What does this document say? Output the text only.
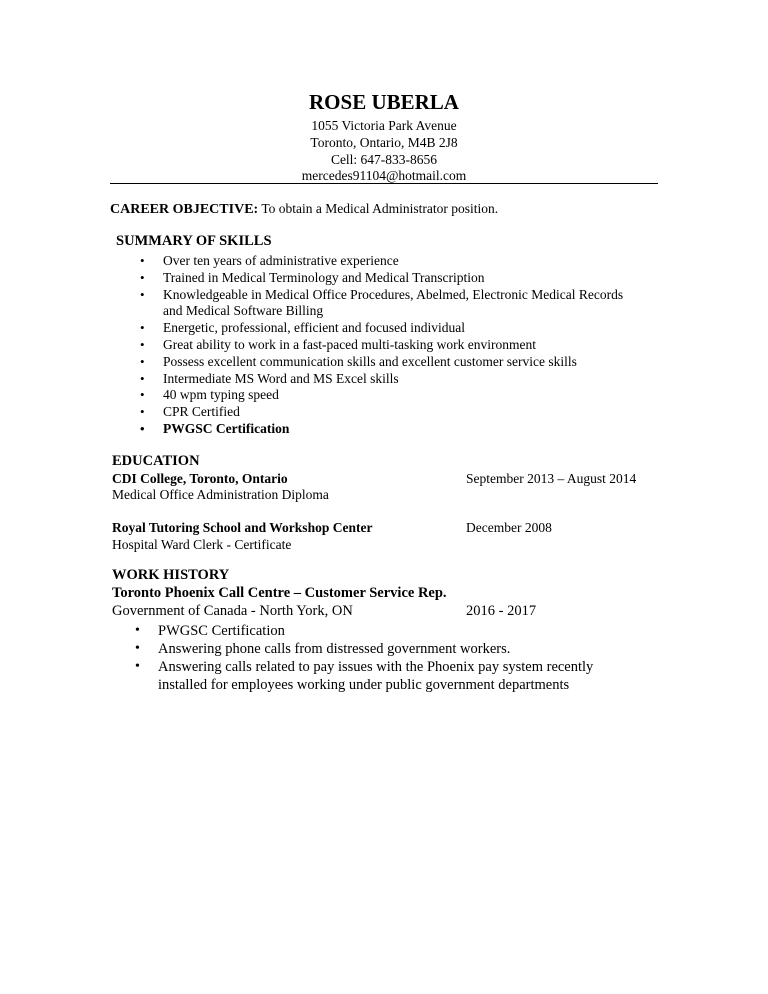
ROSE UBERLA
1055 Victoria Park Avenue
Toronto, Ontario, M4B 2J8
Cell: 647-833-8656
mercedes91104@hotmail.com
CAREER OBJECTIVE: To obtain a Medical Administrator position.
SUMMARY OF SKILLS
• Over ten years of administrative experience
• Trained in Medical Terminology and Medical Transcription
• Knowledgeable in Medical Office Procedures, Abelmed, Electronic Medical Records
and Medical Software Billing
• Energetic, professional, efficient and focused individual
• Great ability to work in a fast-paced multi-tasking work environment
• Possess excellent communication skills and excellent customer service skills
• Intermediate MS Word and MS Excel skills
• 40 wpm typing speed
• CPR Certified
• PWGSC Certification
EDUCATION
CDI College, Toronto, Ontario	September 2013 – August 2014
Medical Office Administration Diploma
Royal Tutoring School and Workshop Center	December 2008
Hospital Ward Clerk - Certificate
WORK HISTORY
Toronto Phoenix Call Centre – Customer Service Rep.
Government of Canada - North York, ON	2016 - 2017
• PWGSC Certification
• Answering phone calls from distressed government workers.
• Answering calls related to pay issues with the Phoenix pay system recently
installed for employees working under public government departments
